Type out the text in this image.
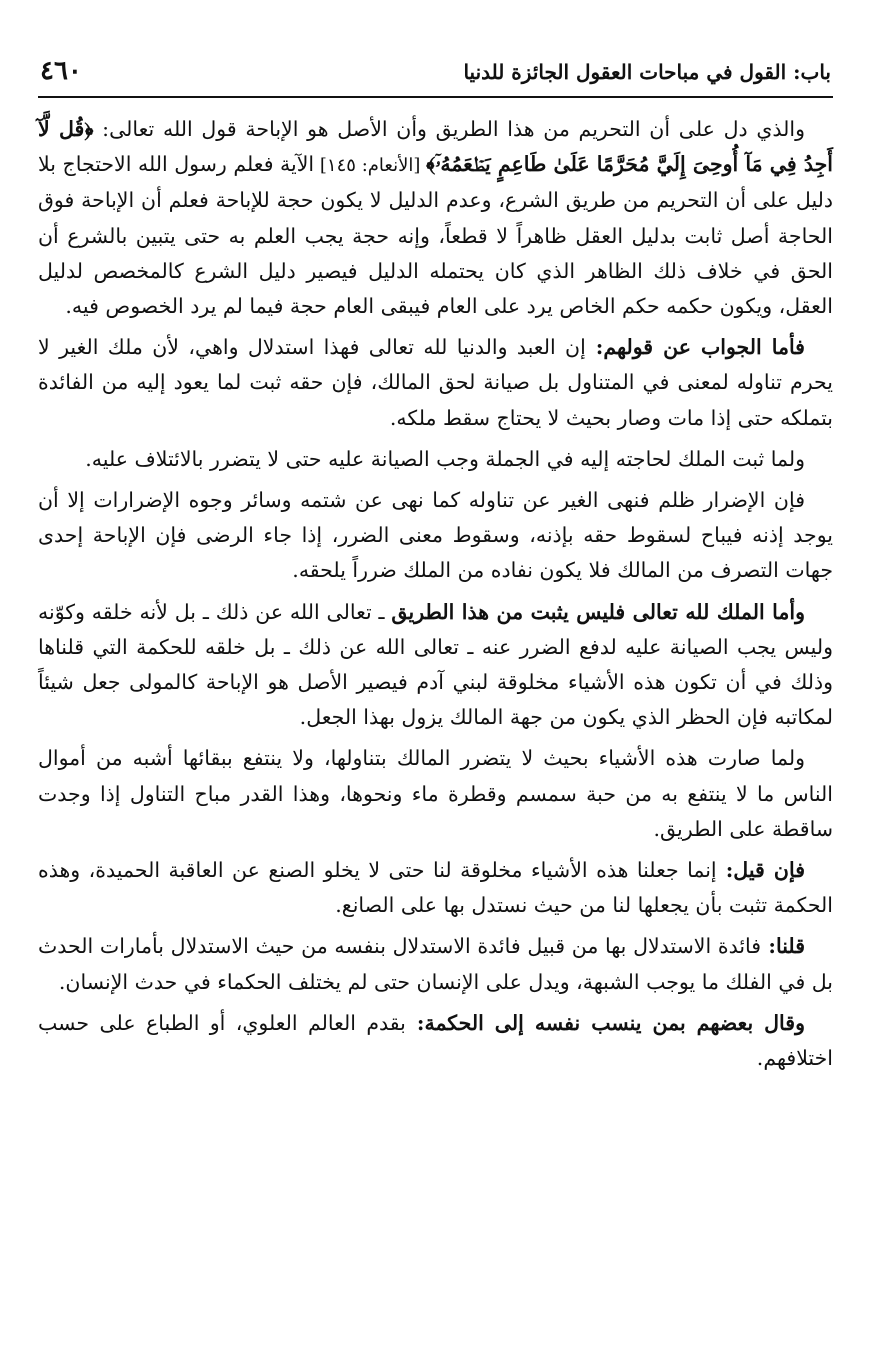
٤٦٠	باب: القول في مباحات العقول الجائزة للدنيا

والذي دل على أن التحريم من هذا الطريق وأن الأصل هو الإباحة قول الله تعالى: ﴿قُل لَّآ أَجِدُ فِي مَآ أُوحِىَ إِلَيَّ مُحَرَّمًا عَلَىٰ طَاعِمٍ يَطۡعَمُهُۥٓ﴾ [الأنعام: ١٤٥] الآية فعلم رسول الله الاحتجاج بلا دليل على أن التحريم من طريق الشرع، وعدم الدليل لا يكون حجة للإباحة فعلم أن الإباحة فوق الحاجة أصل ثابت بدليل العقل ظاهراً لا قطعاً، وإنه حجة يجب العلم به حتى يتبين بالشرع أن الحق في خلاف ذلك الظاهر الذي كان يحتمله الدليل فيصير دليل الشرع كالمخصص لدليل العقل، ويكون حكمه حكم الخاص يرد على العام فيبقى العام حجة فيما لم يرد الخصوص فيه.

فأما الجواب عن قولهم: إن العبد والدنيا لله تعالى فهذا استدلال واهي، لأن ملك الغير لا يحرم تناوله لمعنى في المتناول بل صيانة لحق المالك، فإن حقه ثبت لما يعود إليه من الفائدة بتملكه حتى إذا مات وصار بحيث لا يحتاج سقط ملكه.

ولما ثبت الملك لحاجته إليه في الجملة وجب الصيانة عليه حتى لا يتضرر بالائتلاف عليه.

فإن الإضرار ظلم فنهى الغير عن تناوله كما نهى عن شتمه وسائر وجوه الإضرارات إلا أن يوجد إذنه فيباح لسقوط حقه بإذنه، وسقوط معنى الضرر، إذا جاء الرضى فإن الإباحة إحدى جهات التصرف من المالك فلا يكون نفاده من الملك ضرراً يلحقه.

وأما الملك لله تعالى فليس يثبت من هذا الطريق ـ تعالى الله عن ذلك ـ بل لأنه خلقه وكوّنه وليس يجب الصيانة عليه لدفع الضرر عنه ـ تعالى الله عن ذلك ـ بل خلقه للحكمة التي قلناها وذلك في أن تكون هذه الأشياء مخلوقة لبني آدم فيصير الأصل هو الإباحة كالمولى جعل شيئاً لمكاتبه فإن الحظر الذي يكون من جهة المالك يزول بهذا الجعل.

ولما صارت هذه الأشياء بحيث لا يتضرر المالك بتناولها، ولا ينتفع ببقائها أشبه من أموال الناس ما لا ينتفع به من حبة سمسم وقطرة ماء ونحوها، وهذا القدر مباح التناول إذا وجدت ساقطة على الطريق.

فإن قيل: إنما جعلنا هذه الأشياء مخلوقة لنا حتى لا يخلو الصنع عن العاقبة الحميدة، وهذه الحكمة تثبت بأن يجعلها لنا من حيث نستدل بها على الصانع.

قلنا: فائدة الاستدلال بها من قبيل فائدة الاستدلال بنفسه من حيث الاستدلال بأمارات الحدث بل في الفلك ما يوجب الشبهة، ويدل على الإنسان حتى لم يختلف الحكماء في حدث الإنسان.

وقال بعضهم بمن ينسب نفسه إلى الحكمة: بقدم العالم العلوي، أو الطباع على حسب اختلافهم.
